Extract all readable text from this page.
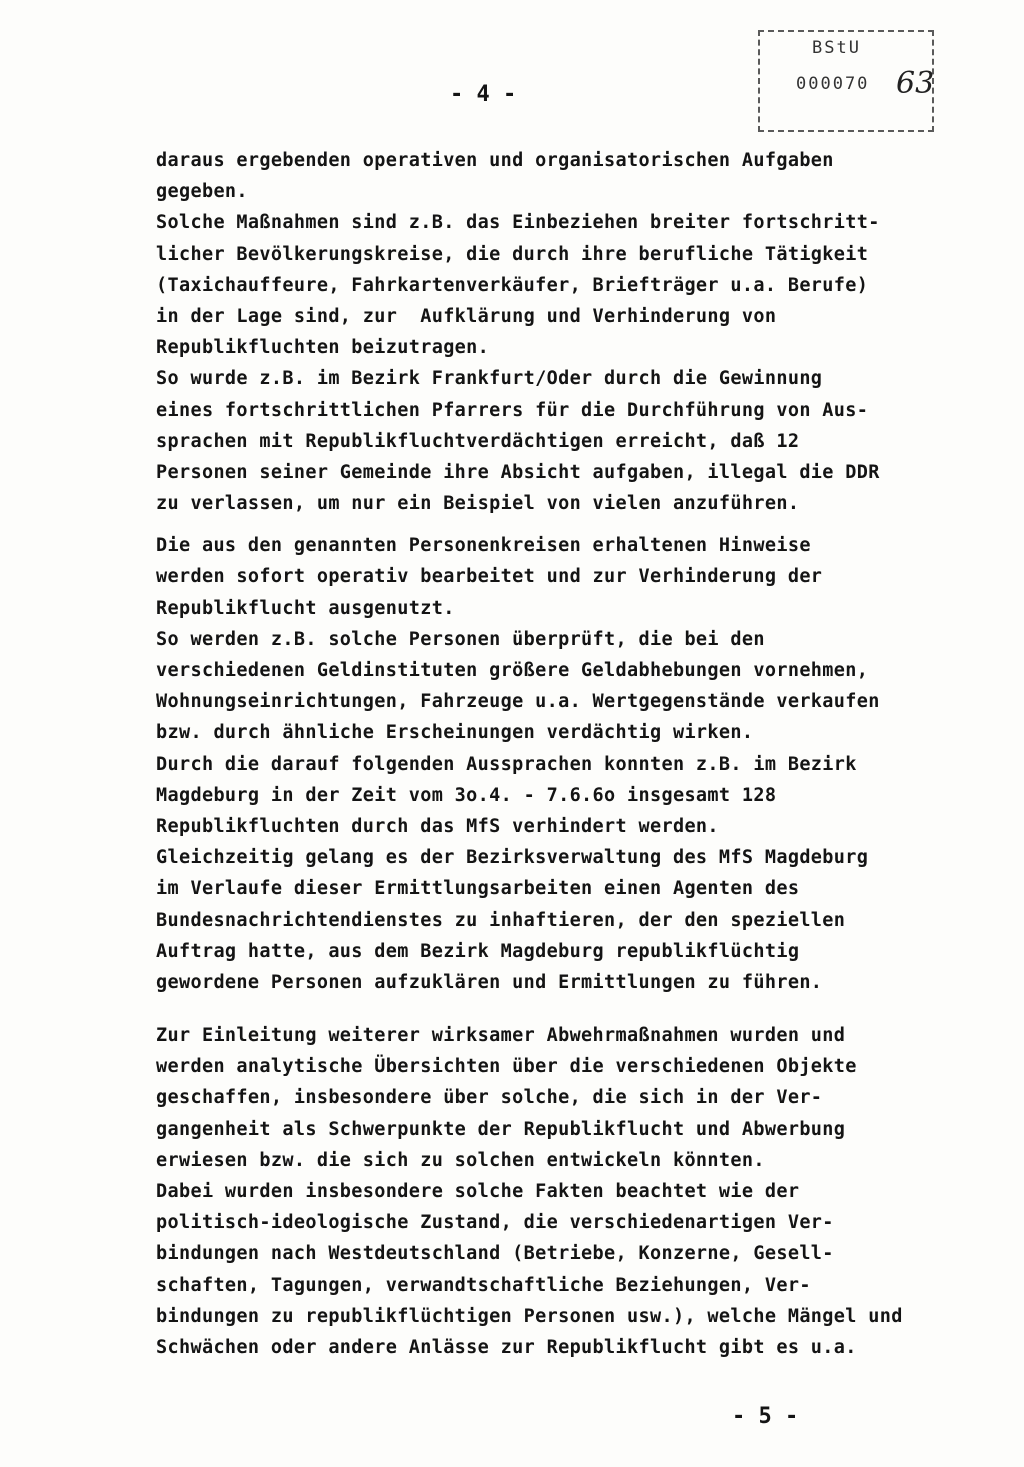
BStU
000070 63
- 4 -
daraus ergebenden operativen und organisatorischen Aufgaben
gegeben.
Solche Maßnahmen sind z.B. das Einbeziehen breiter fortschritt-
licher Bevölkerungskreise, die durch ihre berufliche Tätigkeit
(Taxichauffeure, Fahrkartenverkäufer, Briefträger u.a. Berufe)
in der Lage sind, zur  Aufklärung und Verhinderung von
Republikfluchten beizutragen.
So wurde z.B. im Bezirk Frankfurt/Oder durch die Gewinnung
eines fortschrittlichen Pfarrers für die Durchführung von Aus-
sprachen mit Republikfluchtverdächtigen erreicht, daß 12
Personen seiner Gemeinde ihre Absicht aufgaben, illegal die DDR
zu verlassen, um nur ein Beispiel von vielen anzuführen.
Die aus den genannten Personenkreisen erhaltenen Hinweise
werden sofort operativ bearbeitet und zur Verhinderung der
Republikflucht ausgenutzt.
So werden z.B. solche Personen überprüft, die bei den
verschiedenen Geldinstituten größere Geldabhebungen vornehmen,
Wohnungseinrichtungen, Fahrzeuge u.a. Wertgegenstände verkaufen
bzw. durch ähnliche Erscheinungen verdächtig wirken.
Durch die darauf folgenden Aussprachen konnten z.B. im Bezirk
Magdeburg in der Zeit vom 3o.4. - 7.6.6o insgesamt 128
Republikfluchten durch das MfS verhindert werden.
Gleichzeitig gelang es der Bezirksverwaltung des MfS Magdeburg
im Verlaufe dieser Ermittlungsarbeiten einen Agenten des
Bundesnachrichtendienstes zu inhaftieren, der den speziellen
Auftrag hatte, aus dem Bezirk Magdeburg republikflüchtig
gewordene Personen aufzuklären und Ermittlungen zu führen.
Zur Einleitung weiterer wirksamer Abwehrmaßnahmen wurden und
werden analytische Übersichten über die verschiedenen Objekte
geschaffen, insbesondere über solche, die sich in der Ver-
gangenheit als Schwerpunkte der Republikflucht und Abwerbung
erwiesen bzw. die sich zu solchen entwickeln könnten.
Dabei wurden insbesondere solche Fakten beachtet wie der
politisch-ideologische Zustand, die verschiedenartigen Ver-
bindungen nach Westdeutschland (Betriebe, Konzerne, Gesell-
schaften, Tagungen, verwandtschaftliche Beziehungen, Ver-
bindungen zu republikflüchtigen Personen usw.), welche Mängel und
Schwächen oder andere Anlässe zur Republikflucht gibt es u.a.
- 5 -
